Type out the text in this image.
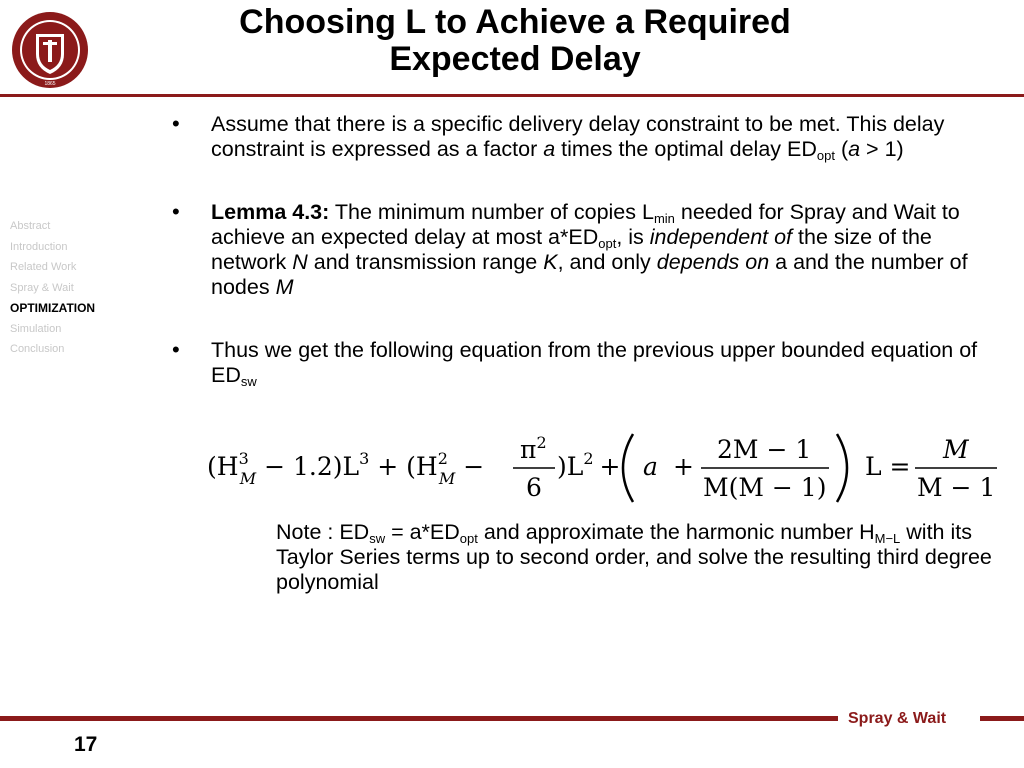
1865
Choosing L to Achieve a Required
Expected Delay
Abstract
Introduction
Related Work
Spray & Wait
OPTIMIZATION
Simulation
Conclusion
• Assume that there is a specific delivery delay constraint to be met. This delay constraint is expressed as a factor a times the optimal delay $ED_{opt}$ (a > 1)
• Lemma 4.3: The minimum number of copies $L_{min}$ needed for Spray and Wait to achieve an expected delay at most $a*ED_{opt}$, is independent of the size of the network N and transmission range K, and only depends on a and the number of nodes M
• Thus we get the following equation from the previous upper bounded equation of $ED_{sw}$
($H^3$ $M - 1.2)L^3 + (H^2$ M −
$\pi^2$
6
)$L^2 + a$ +
2M − 1
M(M − 1)
L =
M
M − 1
Note : $ED_{sw} = a*ED_{opt}$ and approximate the harmonic number $H_{M-L}$ with its Taylor Series terms up to second order, and solve the resulting third degree polynomial
Spray & Wait
17
